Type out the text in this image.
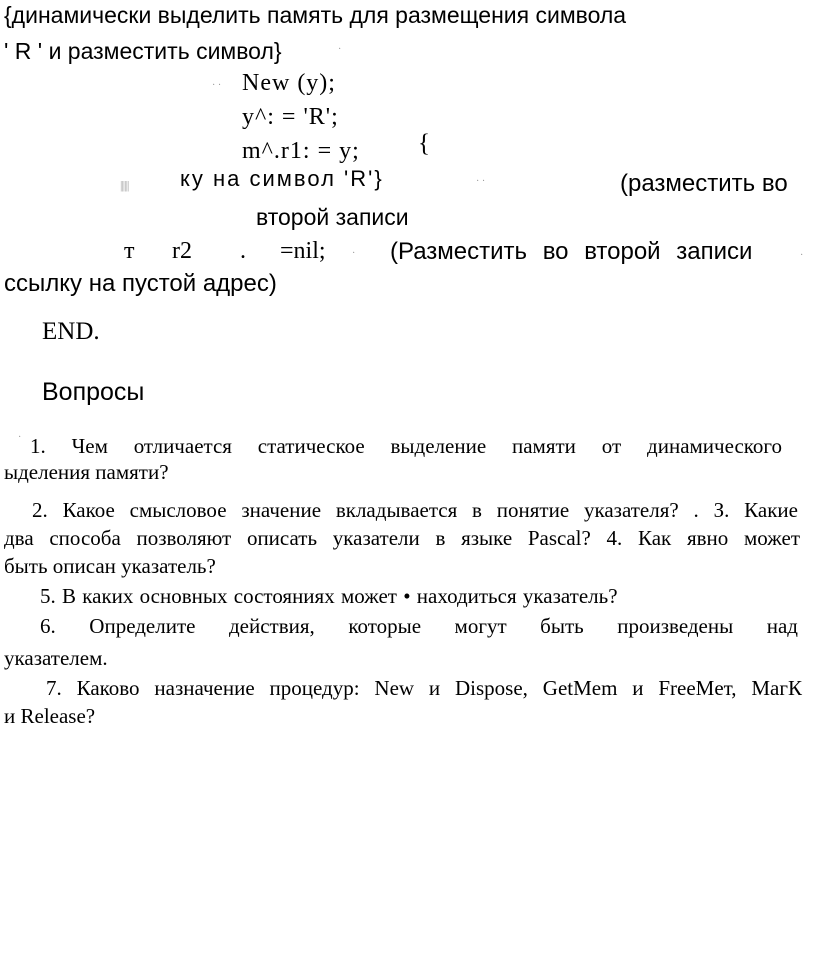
{динамически выделить память для размещения символа
' R ' и разместить символ}
New (y);
y^: = 'R';
m^.r1: = y; {
ку на символ 'R'}	(разместить во
второй записи
т r2 . =nil;	(Разместить во второй записи
ссылку на пустой адрес)
END.
Вопросы
1. Чем отличается статическое выделение памяти от динамического
ыделения памяти?
2. Какое смысловое значение вкладывается в понятие указателя? . З. Какие
два способа позволяют описать указатели в языке Pascal? 4. Как явно может
быть описан указатель?
5. В каких основных состояниях может • находиться указатель?
6. Определите действия, которые могут быть произведены над
указателем.
7. Каково назначение процедур: New и Dispose, GetMem и FreeMeт, МагК
и Release?
·
· ·
||||||	· ·
·	·
·
